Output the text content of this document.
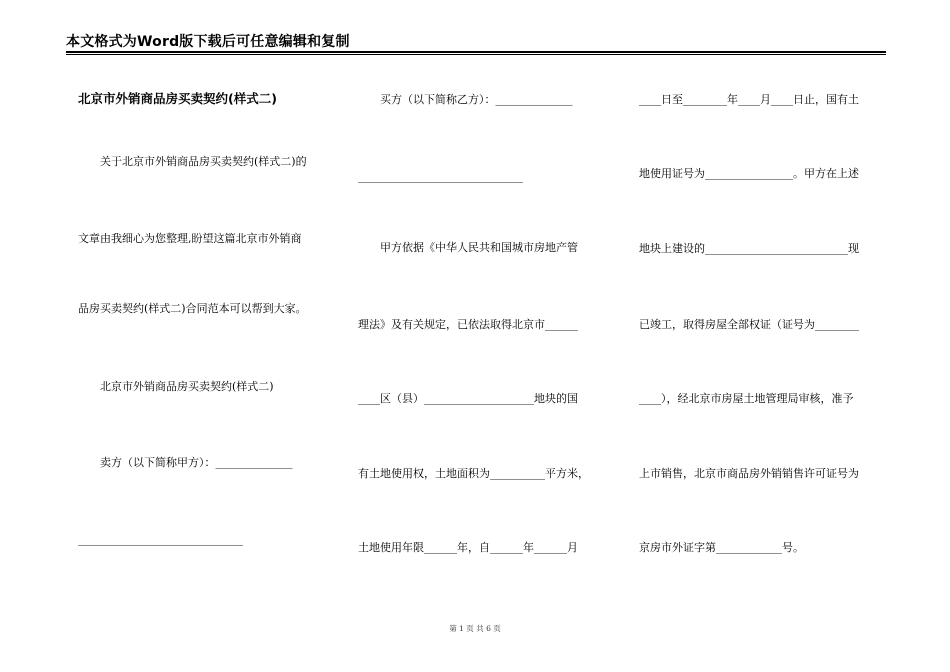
本文格式为Word版下载后可任意编辑和复制
北京市外销商品房买卖契约(样式二)
　　关于北京市外销商品房买卖契约(样式二)的
文章由我细心为您整理,盼望这篇北京市外销商
品房买卖契约(样式二)合同范本可以帮到大家。
　　北京市外销商品房买卖契约(样式二)
　　卖方（以下简称甲方）：______________
______________________________
　　买方（以下简称乙方）：______________
______________________________
　　甲方依据《中华人民共和国城市房地产管
理法》及有关规定，已依法取得北京市______
____区（县）____________________地块的国
有土地使用权，土地面积为__________平方米，
土地使用年限______年，自______年______月
____日至________年____月____日止，国有土
地使用证号为________________。甲方在上述
地块上建设的__________________________现
已竣工，取得房屋全部权证（证号为________
____），经北京市房屋土地管理局审核，准予
上市销售，北京市商品房外销销售许可证号为
京房市外证字第____________号。
第 1 页 共 6 页
